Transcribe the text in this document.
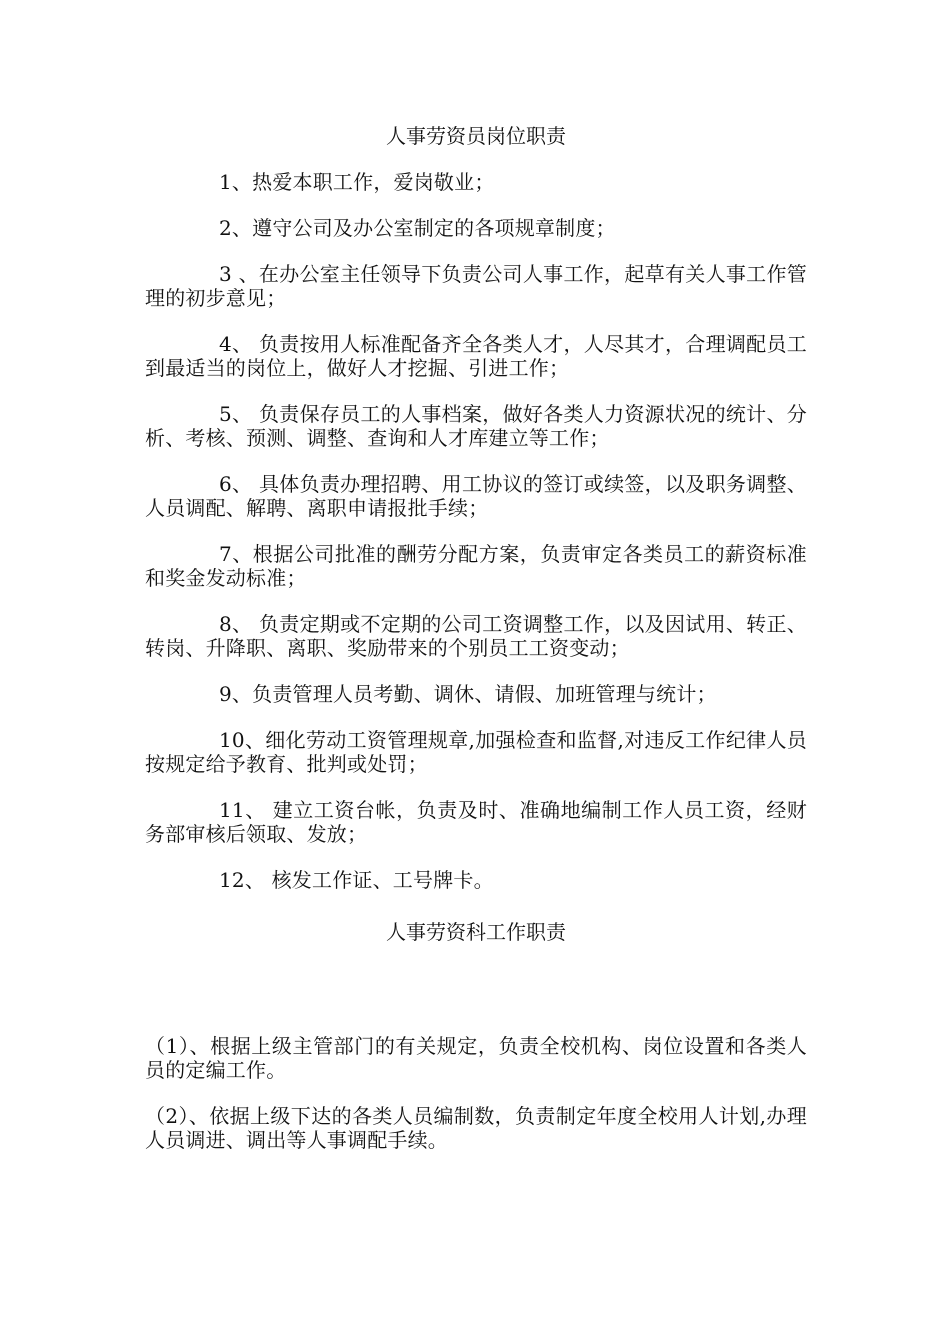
人事劳资员岗位职责

1、热爱本职工作，爱岗敬业；

2、遵守公司及办公室制定的各项规章制度；

3 、在办公室主任领导下负责公司人事工作，起草有关人事工作管理的初步意见；

4、 负责按用人标准配备齐全各类人才，人尽其才，合理调配员工到最适当的岗位上，做好人才挖掘、引进工作；

5、 负责保存员工的人事档案，做好各类人力资源状况的统计、分析、考核、预测、调整、查询和人才库建立等工作；

6、 具体负责办理招聘、用工协议的签订或续签，以及职务调整、人员调配、解聘、离职申请报批手续；

7、根据公司批准的酬劳分配方案，负责审定各类员工的薪资标准和奖金发动标准；

8、 负责定期或不定期的公司工资调整工作，以及因试用、转正、转岗、升降职、离职、奖励带来的个别员工工资变动；

9、负责管理人员考勤、调休、请假、加班管理与统计；

10、细化劳动工资管理规章,加强检查和监督,对违反工作纪律人员按规定给予教育、批判或处罚；

11、 建立工资台帐，负责及时、准确地编制工作人员工资，经财务部审核后领取、发放；

12、 核发工作证、工号牌卡。

人事劳资科工作职责

（1）、根据上级主管部门的有关规定，负责全校机构、岗位设置和各类人员的定编工作。

（2）、依据上级下达的各类人员编制数，负责制定年度全校用人计划,办理人员调进、调出等人事调配手续。
